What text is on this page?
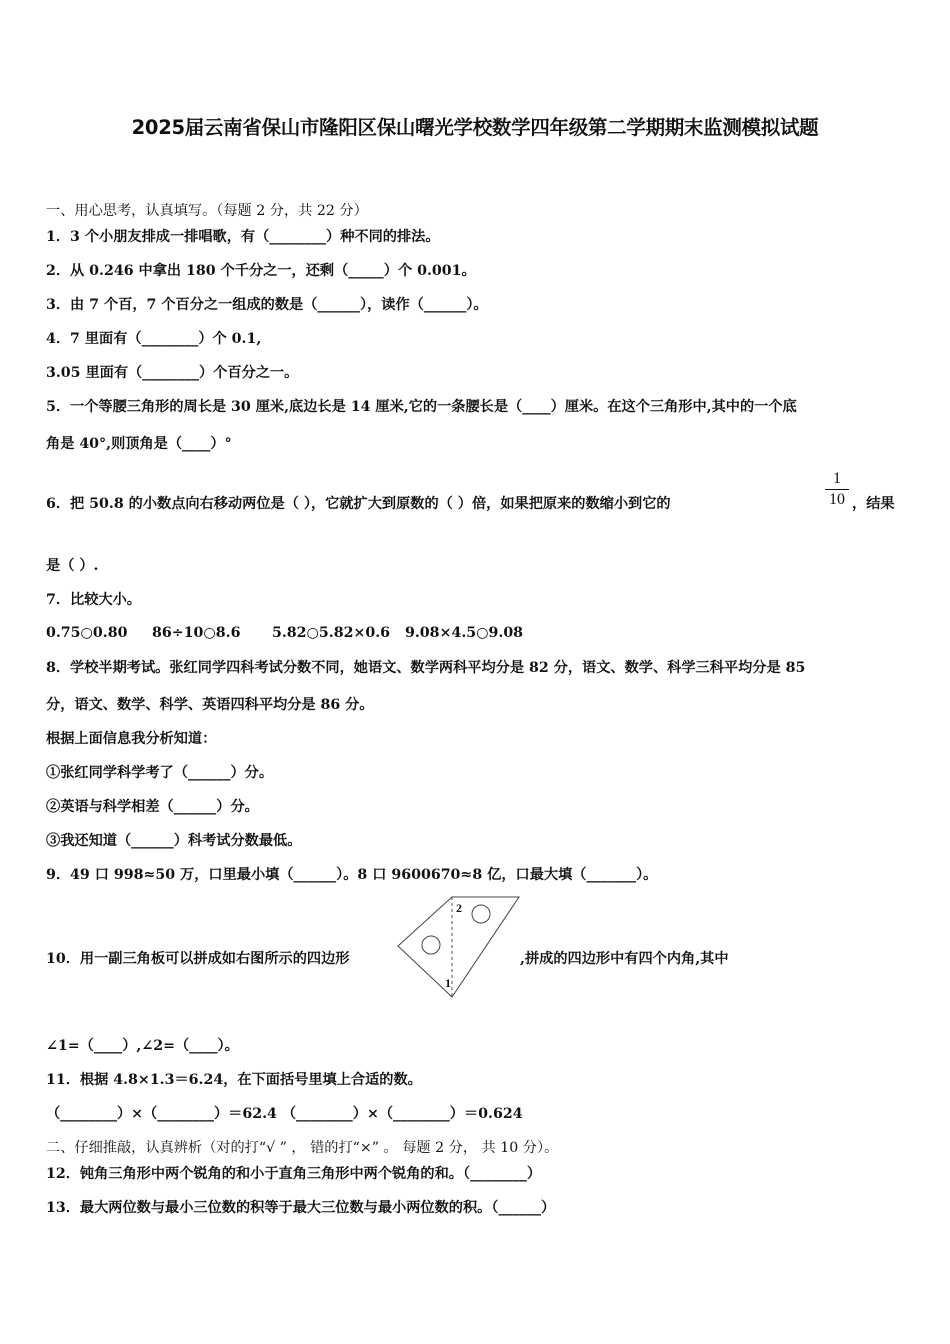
2025届云南省保山市隆阳区保山曙光学校数学四年级第二学期期末监测模拟试题
一、用心思考，认真填写。（每题 2 分，共 22 分）
1．3 个小朋友排成一排唱歌，有（________）种不同的排法。
2．从 0.246 中拿出 180 个千分之一，还剩（_____）个 0.001。
3．由 7 个百，7 个百分之一组成的数是（______），读作（______）。
4．7 里面有（________）个 0.1,
3.05 里面有（________）个百分之一。
5．一个等腰三角形的周长是 30 厘米,底边长是 14 厘米,它的一条腰长是（____）厘米。在这个三角形中,其中的一个底
角是 40°,则顶角是（____）°
6．把 50.8 的小数点向右移动两位是（ ），它就扩大到原数的（ ）倍，如果把原来的数缩小到它的
1
10 ，结果
是（ ）.
7．比较大小。
0.75○0.80 86÷10○8.6 5.82○5.82×0.6 9.08×4.5○9.08
8．学校半期考试。张红同学四科考试分数不同，她语文、数学两科平均分是 82 分，语文、数学、科学三科平均分是 85
分，语文、数学、科学、英语四科平均分是 86 分。
根据上面信息我分析知道：
①张红同学科学考了（______）分。
②英语与科学相差（______）分。
③我还知道（______）科考试分数最低。
9．49 口 998≈50 万，口里最小填（______）。8 口 9600670≈8 亿，口最大填（_______）。
10．用一副三角板可以拼成如右图所示的四边形
2
1
,拼成的四边形中有四个内角,其中
∠1=（____）,∠2=（____）。
11．根据 4.8×1.3＝6.24，在下面括号里填上合适的数。
（________）×（________）＝62.4 （________）×（________）＝0.624
二、仔细推敲，认真辨析（对的打“√ ” ， 错的打“×” 。 每题 2 分， 共 10 分）。
12．钝角三角形中两个锐角的和小于直角三角形中两个锐角的和。（________）
13．最大两位数与最小三位数的积等于最大三位数与最小两位数的积。（______）
